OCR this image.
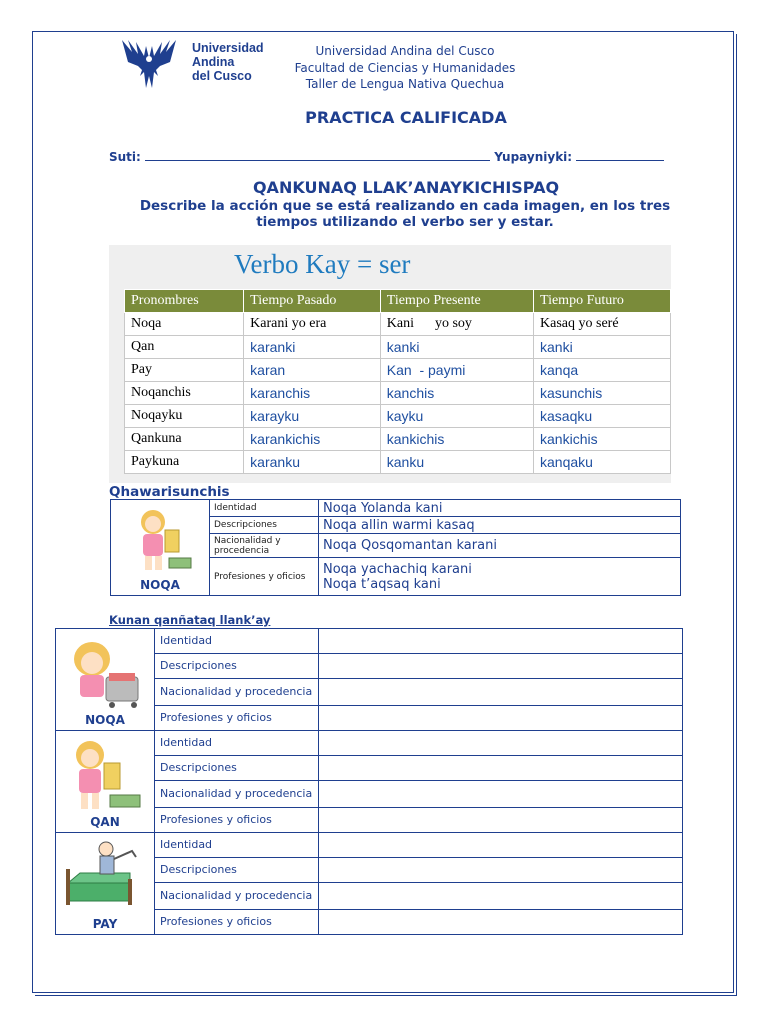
Universidad
Andina
del Cusco
Universidad Andina del Cusco
Facultad de Ciencias y Humanidades
Taller de Lengua Nativa Quechua
PRACTICA CALIFICADA
Suti:	Yupayniyki:
QANKUNAQ LLAK’ANAYKICHISPAQ
Describe la acción que se está realizando en cada imagen, en los tres tiempos utilizando el verbo ser y estar.
Verbo Kay = ser
Pronombres	Tiempo Pasado	Tiempo Presente	Tiempo Futuro
Noqa	Karani yo era	Kani      yo soy	Kasaq yo seré
Qan	karanki	kanki	kanki
Pay	karan	Kan  - paymi	kanqa
Noqanchis	karanchis	kanchis	kasunchis
Noqayku	karayku	kayku	kasaqku
Qankuna	karankichis	kankichis	kankichis
Paykuna	karanku	kanku	kanqaku
Qhawarisunchis
NOQA	Identidad	Noqa Yolanda kani
	Descripciones	Noqa allin warmi kasaq
	Nacionalidad y procedencia	Noqa Qosqomantan karani
	Profesiones y oficios	Noqa yachachiq karani
Noqa t’aqsaq kani
Kunan qanñataq llank’ay
NOQA	Identidad	
	Descripciones	
	Nacionalidad y procedencia	
	Profesiones y oficios	

QAN	Identidad	
	Descripciones	
	Nacionalidad y procedencia	
	Profesiones y oficios	

PAY	Identidad	
	Descripciones	
	Nacionalidad y procedencia	
	Profesiones y oficios	
